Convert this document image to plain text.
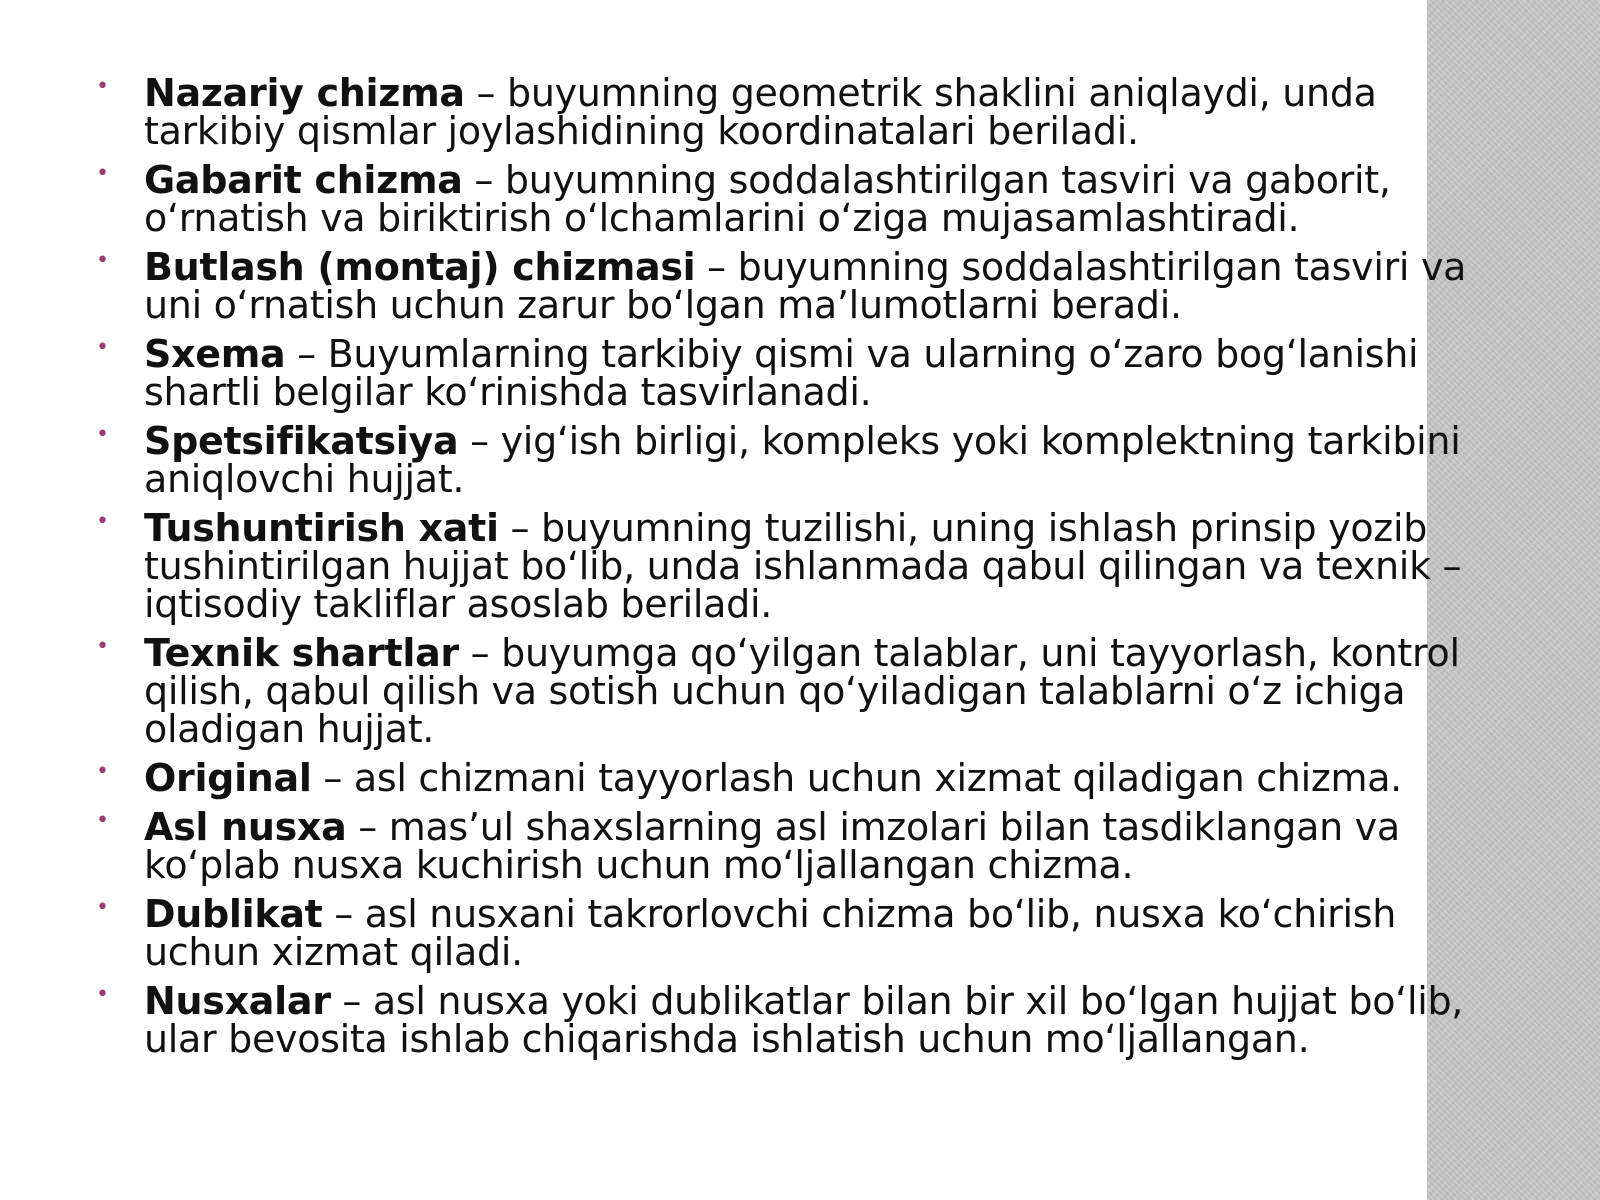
• Nazariy chizma – buyumning geometrik shaklini aniqlaydi, unda tarkibiy qismlar joylashidining koordinatalari beriladi.
• Gabarit chizma – buyumning soddalashtirilgan tasviri va gaborit, o‘rnatish va biriktirish o‘lchamlarini o‘ziga mujasamlashtiradi.
• Butlash (montaj) chizmasi – buyumning soddalashtirilgan tasviri va uni o‘rnatish uchun zarur bo‘lgan ma’lumotlarni beradi.
• Sxema – Buyumlarning tarkibiy qismi va ularning o‘zaro bog‘lanishi shartli belgilar ko‘rinishda tasvirlanadi.
• Spetsifikatsiya – yig‘ish birligi, kompleks yoki komplektning tarkibini aniqlovchi hujjat.
• Tushuntirish xati – buyumning tuzilishi, uning ishlash prinsip yozib tushintirilgan hujjat bo‘lib, unda ishlanmada qabul qilingan va texnik – iqtisodiy takliflar asoslab beriladi.
• Texnik shartlar – buyumga qo‘yilgan talablar, uni tayyorlash, kontrol qilish, qabul qilish va sotish uchun qo‘yiladigan talablarni o‘z ichiga oladigan hujjat.
• Original – asl chizmani tayyorlash uchun xizmat qiladigan chizma.
• Asl nusxa – mas’ul shaxslarning asl imzolari bilan tasdiklangan va ko‘plab nusxa kuchirish uchun mo‘ljallangan chizma.
• Dublikat – asl nusxani takrorlovchi chizma bo‘lib, nusxa ko‘chirish uchun xizmat qiladi.
• Nusxalar – asl nusxa yoki dublikatlar bilan bir xil bo‘lgan hujjat bo‘lib, ular bevosita ishlab chiqarishda ishlatish uchun mo‘ljallangan.
